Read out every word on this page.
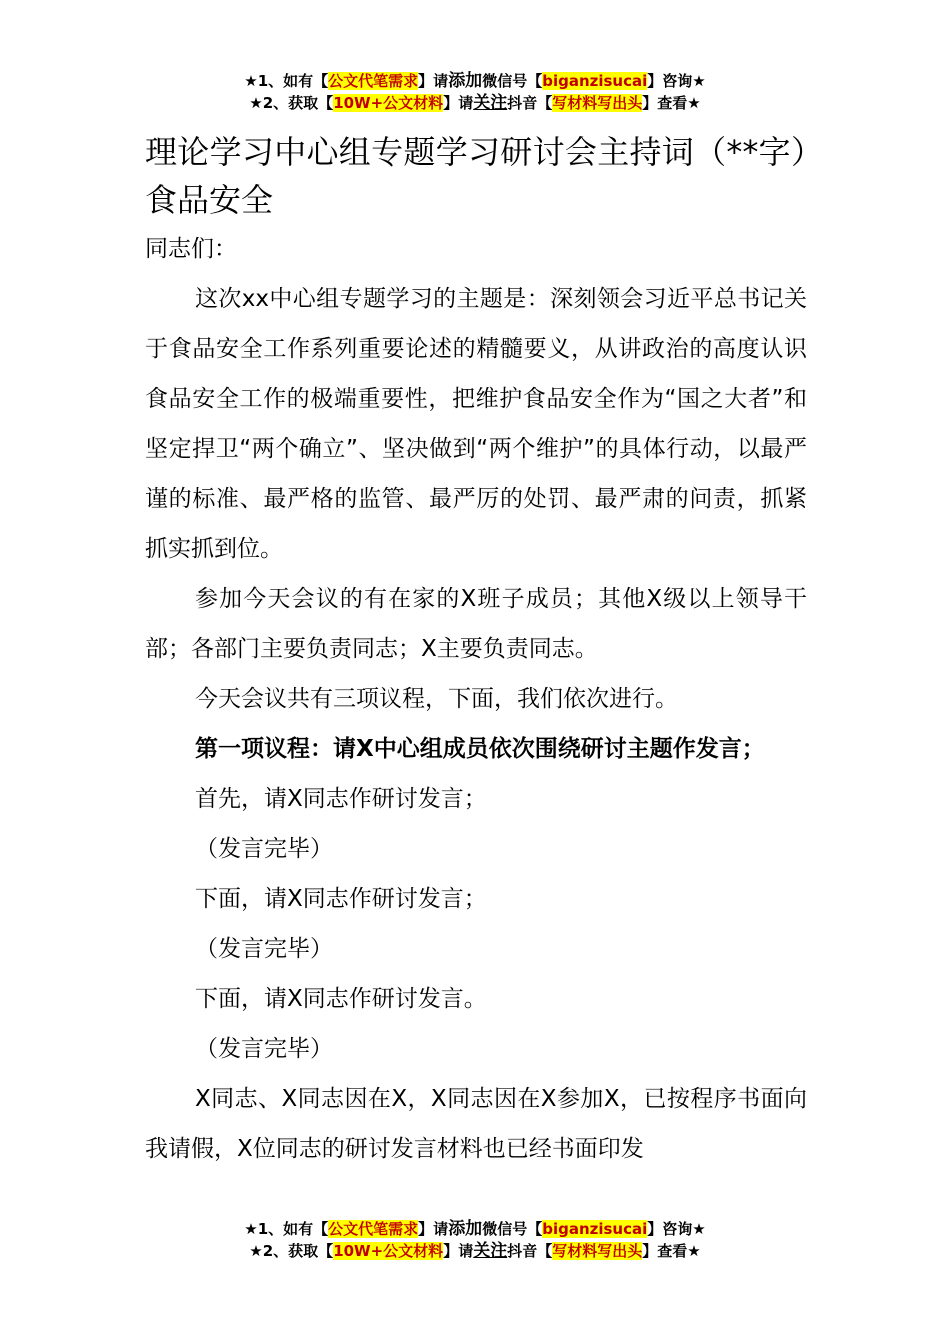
★1、如有【公文代笔需求】请添加微信号【biganzisucai】咨询★
★2、获取【10W+公文材料】请关注抖音【写材料写出头】查看★
理论学习中心组专题学习研讨会主持词（**字）食品安全

同志们：

这次xx中心组专题学习的主题是：深刻领会习近平总书记关于食品安全工作系列重要论述的精髓要义，从讲政治的高度认识食品安全工作的极端重要性，把维护食品安全作为“国之大者”和坚定捍卫“两个确立”、坚决做到“两个维护”的具体行动，以最严谨的标准、最严格的监管、最严厉的处罚、最严肃的问责，抓紧抓实抓到位。

参加今天会议的有在家的X班子成员；其他X级以上领导干部；各部门主要负责同志；X主要负责同志。

今天会议共有三项议程，下面，我们依次进行。

第一项议程：请X中心组成员依次围绕研讨主题作发言；

首先，请X同志作研讨发言；

（发言完毕）

下面，请X同志作研讨发言；

（发言完毕）

下面，请X同志作研讨发言。

（发言完毕）

X同志、X同志因在X，X同志因在X参加X，已按程序书面向我请假，X位同志的研讨发言材料也已经书面印发

★1、如有【公文代笔需求】请添加微信号【biganzisucai】咨询★
★2、获取【10W+公文材料】请关注抖音【写材料写出头】查看★
